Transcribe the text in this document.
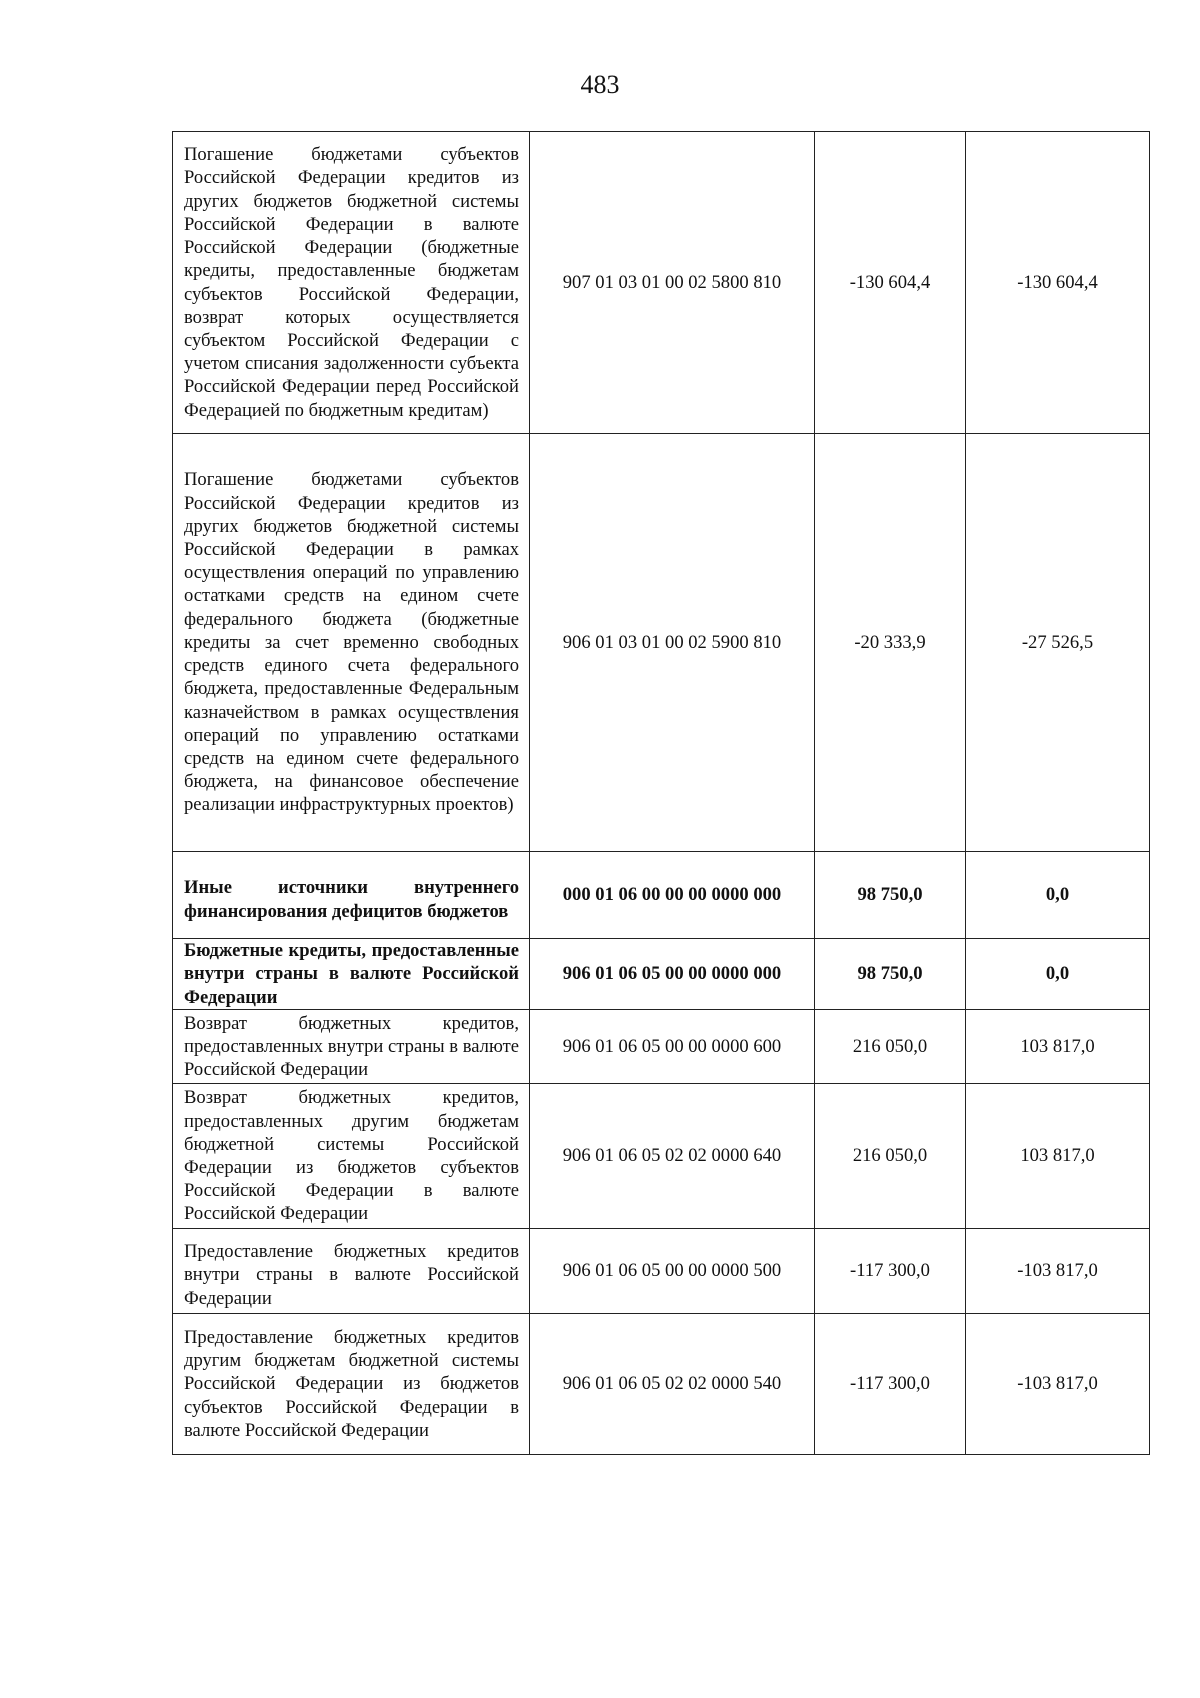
483
Погашение бюджетами субъектов Российской Федерации кредитов из других бюджетов бюджетной системы Российской Федерации в валюте Российской Федерации (бюджетные кредиты, предоставленные бюджетам субъектов Российской Федерации, возврат которых осуществляется субъектом Российской Федерации с учетом списания задолженности субъекта Российской Федерации перед Российской Федерацией по бюджетным кредитам)	907 01 03 01 00 02 5800 810	-130 604,4	-130 604,4
Погашение бюджетами субъектов Российской Федерации кредитов из других бюджетов бюджетной системы Российской Федерации в рамках осуществления операций по управлению остатками средств на едином счете федерального бюджета (бюджетные кредиты за счет временно свободных средств единого счета федерального бюджета, предоставленные Федеральным казначейством в рамках осуществления операций по управлению остатками средств на едином счете федерального бюджета, на финансовое обеспечение реализации инфраструктурных проектов)	906 01 03 01 00 02 5900 810	-20 333,9	-27 526,5
Иные источники внутреннего финансирования дефицитов бюджетов	000 01 06 00 00 00 0000 000	98 750,0	0,0
Бюджетные кредиты, предоставленные внутри страны в валюте Российской Федерации	906 01 06 05 00 00 0000 000	98 750,0	0,0
Возврат бюджетных кредитов, предоставленных внутри страны в валюте Российской Федерации	906 01 06 05 00 00 0000 600	216 050,0	103 817,0
Возврат бюджетных кредитов, предоставленных другим бюджетам бюджетной системы Российской Федерации из бюджетов субъектов Российской Федерации в валюте Российской Федерации	906 01 06 05 02 02 0000 640	216 050,0	103 817,0
Предоставление бюджетных кредитов внутри страны в валюте Российской Федерации	906 01 06 05 00 00 0000 500	-117 300,0	-103 817,0
Предоставление бюджетных кредитов другим бюджетам бюджетной системы Российской Федерации из бюджетов субъектов Российской Федерации в валюте Российской Федерации	906 01 06 05 02 02 0000 540	-117 300,0	-103 817,0
